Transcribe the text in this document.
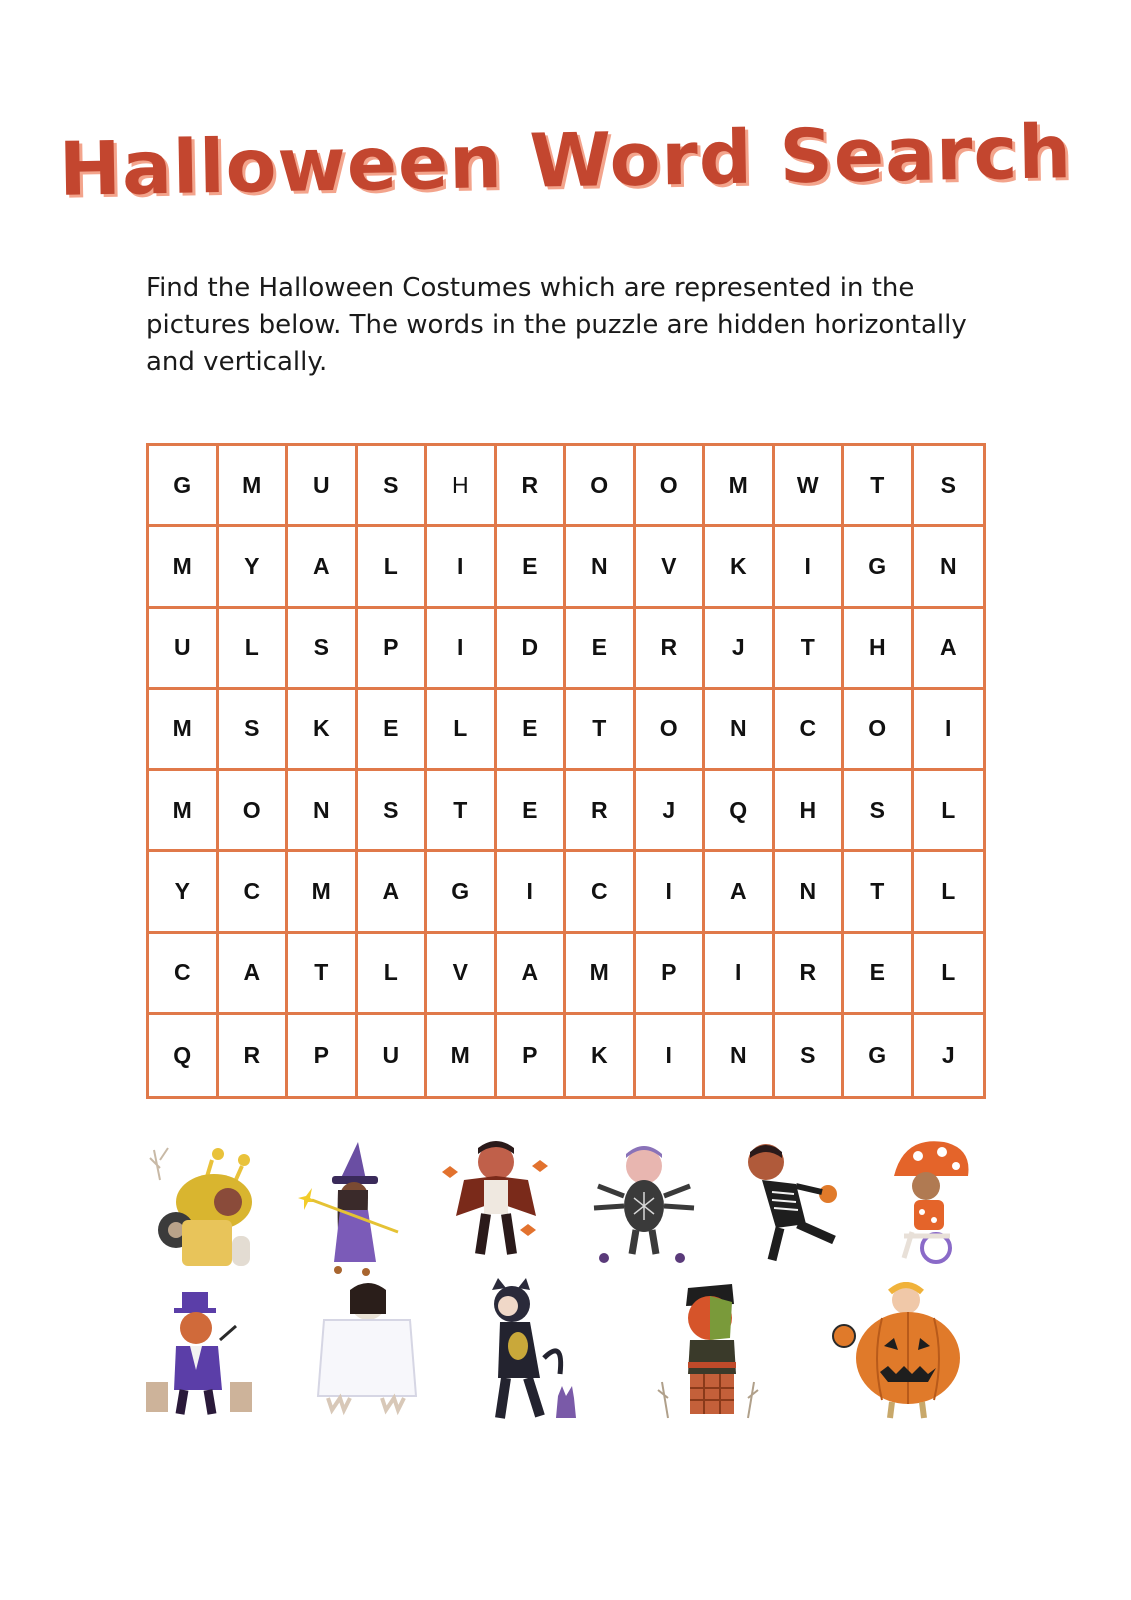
Halloween Word Search
Find the Halloween Costumes which are represented in the pictures below. The words in the puzzle are hidden horizontally and vertically.
G	M	U	S	H	R	O	O	M	W	T	S
M	Y	A	L	I	E	N	V	K	I	G	N
U	L	S	P	I	D	E	R	J	T	H	A
M	S	K	E	L	E	T	O	N	C	O	I
M	O	N	S	T	E	R	J	Q	H	S	L
Y	C	M	A	G	I	C	I	A	N	T	L
C	A	T	L	V	A	M	P	I	R	E	L
Q	R	P	U	M	P	K	I	N	S	G	J
